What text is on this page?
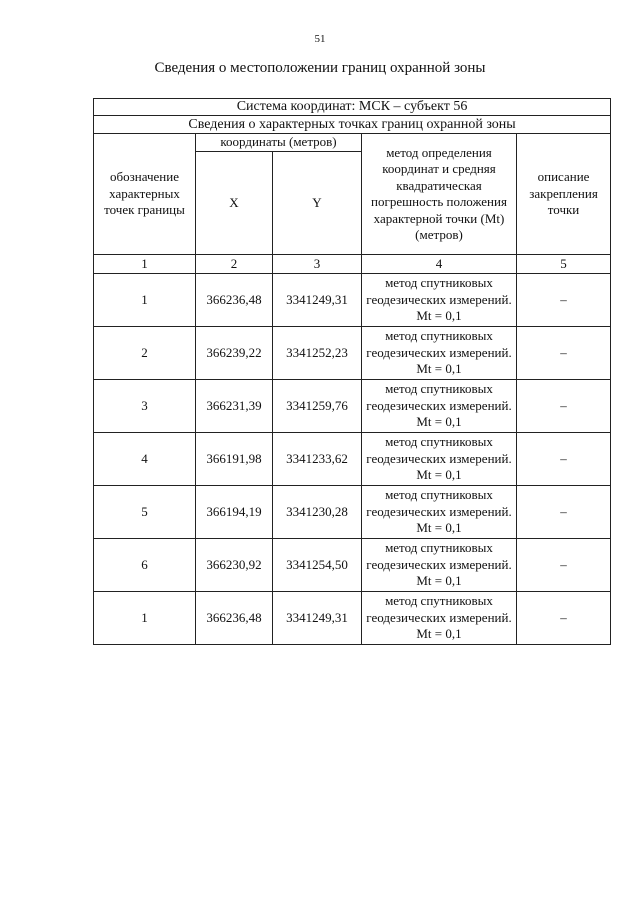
51
Сведения о местоположении границ охранной зоны
Система координат: МСК – субъект 56				
Сведения о характерных точках границ охранной зоны				
обозначение характерных точек границы	координаты (метров)		метод определения координат и средняя квадратическая погрешность положения характерной точки (Mt) (метров)	описание закрепления точки
	X	Y		
1	2	3	4	5
1	366236,48	3341249,31	метод спутниковых геодезических измерений. Mt = 0,1	–
2	366239,22	3341252,23	метод спутниковых геодезических измерений. Mt = 0,1	–
3	366231,39	3341259,76	метод спутниковых геодезических измерений. Mt = 0,1	–
4	366191,98	3341233,62	метод спутниковых геодезических измерений. Mt = 0,1	–
5	366194,19	3341230,28	метод спутниковых геодезических измерений. Mt = 0,1	–
6	366230,92	3341254,50	метод спутниковых геодезических измерений. Mt = 0,1	–
1	366236,48	3341249,31	метод спутниковых геодезических измерений. Mt = 0,1	–
